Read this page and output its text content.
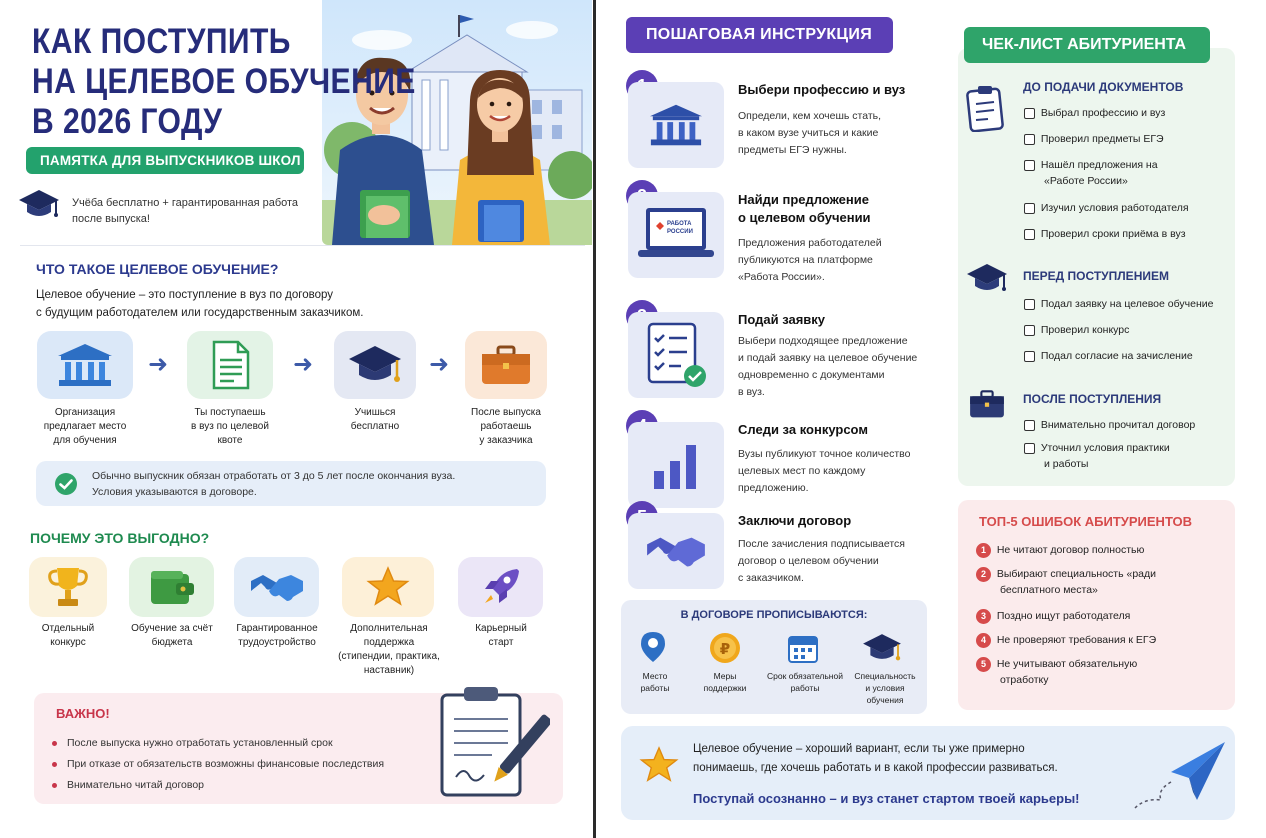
КАК ПОСТУПИТЬ
НА ЦЕЛЕВОЕ ОБУЧЕНИЕ
В 2026 ГОДУ
ПАМЯТКА ДЛЯ ВЫПУСКНИКОВ ШКОЛ
Учёба бесплатно + гарантированная работа
после выпуска!
ЧТО ТАКОЕ ЦЕЛЕВОЕ ОБУЧЕНИЕ?
Целевое обучение – это поступление в вуз по договору
с будущим работодателем или государственным заказчиком.
➜	➜	➜
Организация
предлагает место
для обучения
Ты поступаешь
в вуз по целевой
квоте
Учишься
бесплатно
После выпуска
работаешь
у заказчика
Обычно выпускник обязан отработать от 3 до 5 лет после окончания вуза.
Условия указываются в договоре.
ПОЧЕМУ ЭТО ВЫГОДНО?
Отдельный
конкурс
Обучение за счёт
бюджета
Гарантированное
трудоустройство
Дополнительная
поддержка
(стипендии, практика,
наставник)
Карьерный
старт
ВАЖНО!
После выпуска нужно отработать установленный срок
При отказе от обязательств возможны финансовые последствия
Внимательно читай договор
ПОШАГОВАЯ ИНСТРУКЦИЯ
Выбери профессию и вуз
Определи, кем хочешь стать,
в каком вузе учиться и какие
предметы ЕГЭ нужны.
РАБОТА
РОССИИ
Найди предложение
о целевом обучении
Предложения работодателей
публикуются на платформе
«Работа России».
Подай заявку
Выбери подходящее предложение
и подай заявку на целевое обучение
одновременно с документами
в вуз.
Следи за конкурсом
Вузы публикуют точное количество
целевых мест по каждому
предложению.
Заключи договор
После зачисления подписывается
договор о целевом обучении
с заказчиком.
В ДОГОВОРЕ ПРОПИСЫВАЮТСЯ:
₽
Место
работы
Меры
поддержки
Срок обязательной
работы
Специальность
и условия
обучения
ЧЕК-ЛИСТ АБИТУРИЕНТА
ДО ПОДАЧИ ДОКУМЕНТОВ
Выбрал профессию и вуз
Проверил предметы ЕГЭ
Нашёл предложения на
«Работе России»
Изучил условия работодателя
Проверил сроки приёма в вуз
ПЕРЕД ПОСТУПЛЕНИЕМ
Подал заявку на целевое обучение
Проверил конкурс
Подал согласие на зачисление
ПОСЛЕ ПОСТУПЛЕНИЯ
Внимательно прочитал договор
Уточнил условия практики
и работы
ТОП-5 ОШИБОК АБИТУРИЕНТОВ
1 Не читают договор полностью
2 Выбирают специальность «ради
бесплатного места»
3 Поздно ищут работодателя
4 Не проверяют требования к ЕГЭ
5 Не учитывают обязательную
отработку
Целевое обучение – хороший вариант, если ты уже примерно
понимаешь, где хочешь работать и в какой профессии развиваться.
Поступай осознанно – и вуз станет стартом твоей карьеры!
